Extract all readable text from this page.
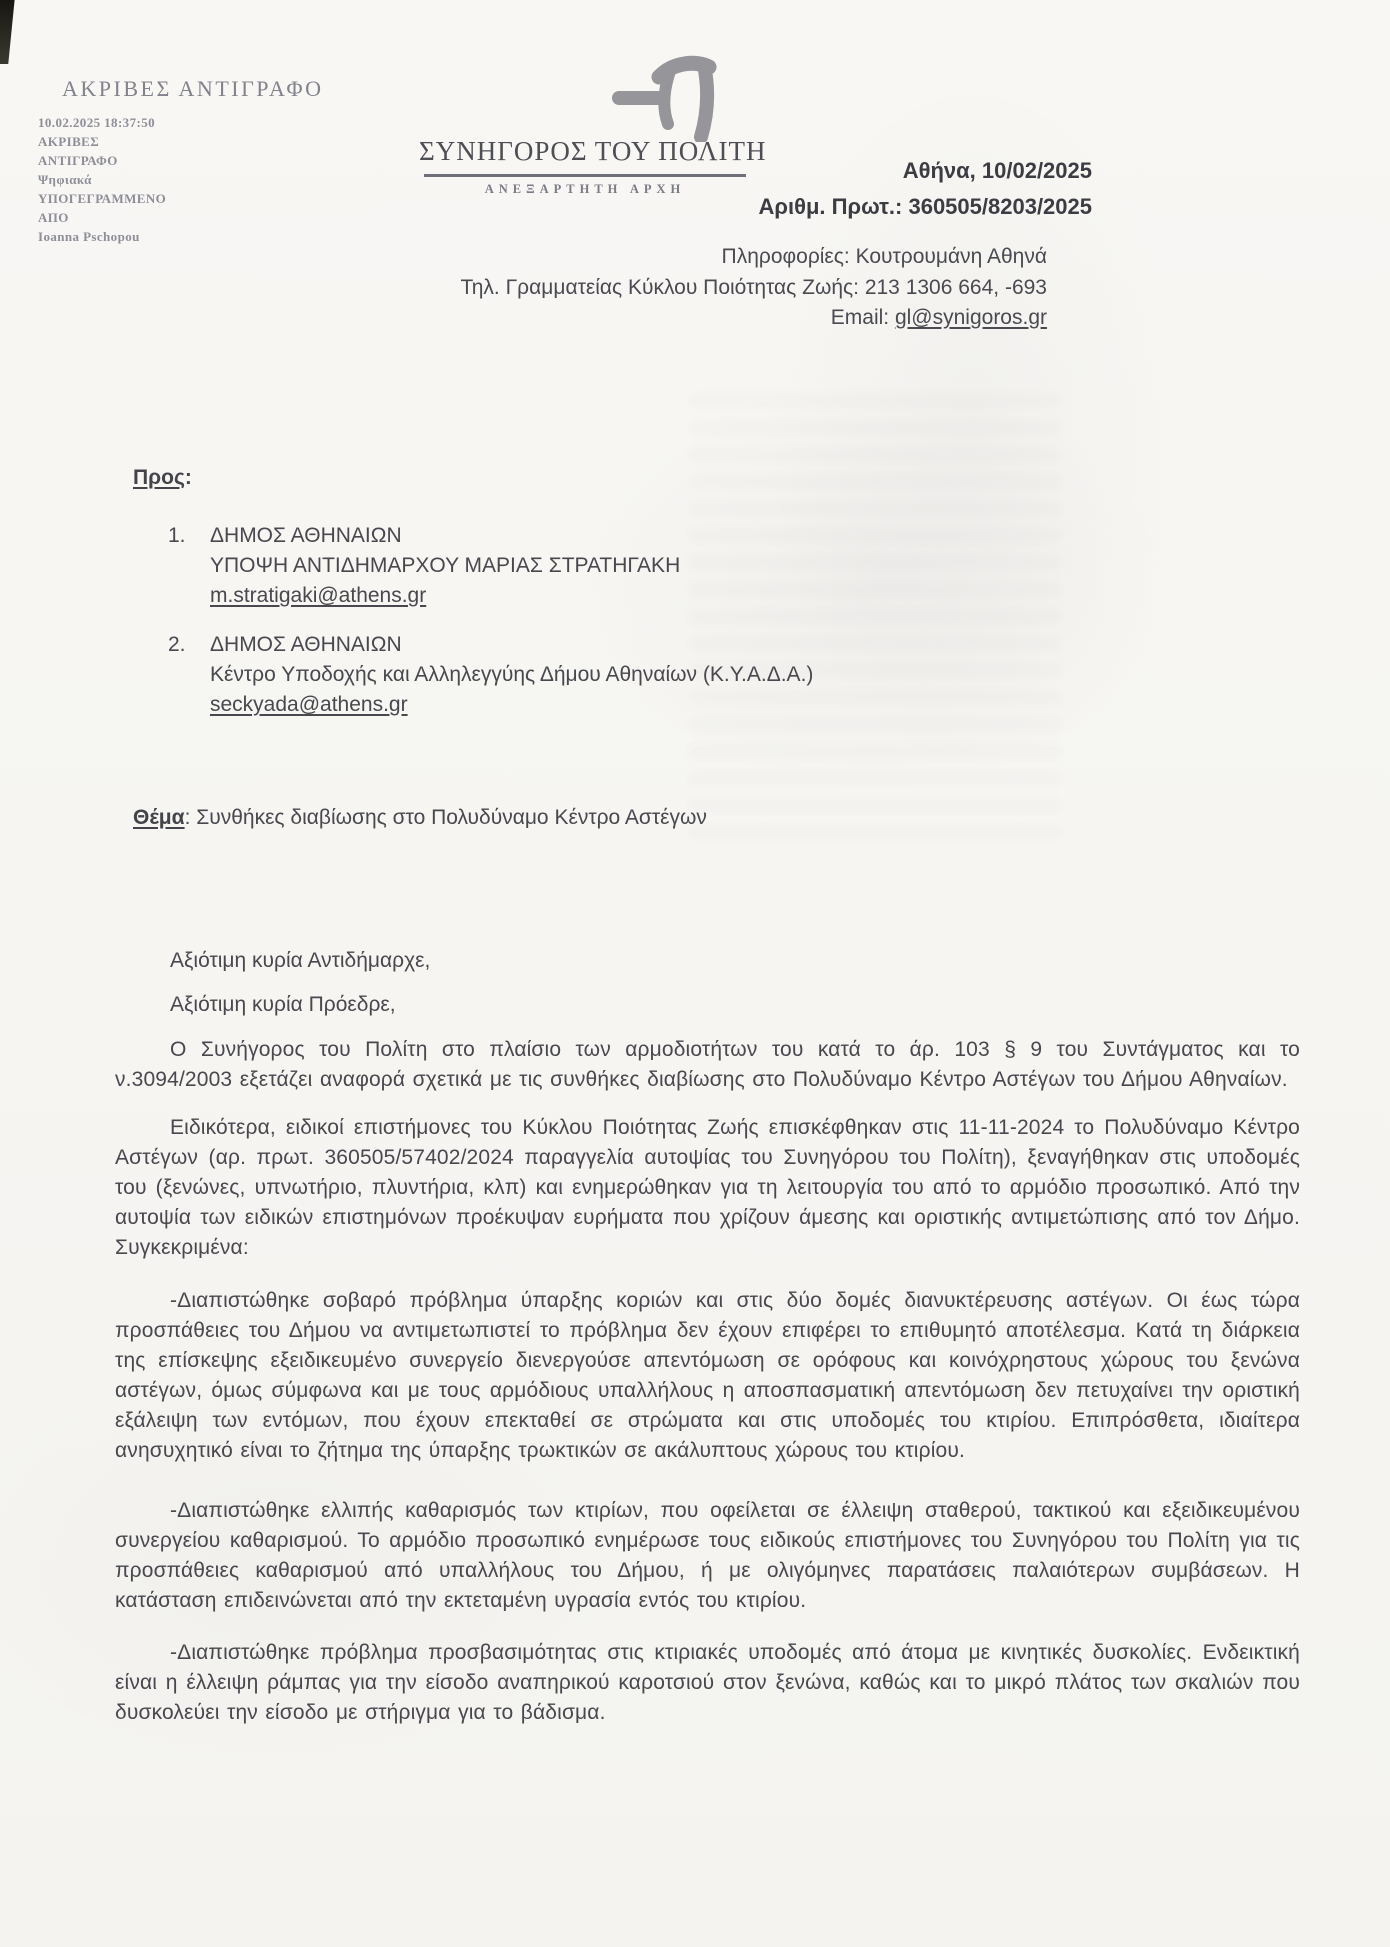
ΑΚΡΙΒΕΣ ΑΝΤΙΓΡΑΦΟ
10.02.2025 18:37:50
ΑΚΡΙΒΕΣ
ΑΝΤΙΓΡΑΦΟ
Ψηφιακά
ΥΠΟΓΕΓΡΑΜΜΕΝΟ
ΑΠΟ
Ioanna Pschopou
ΣΥΝΗΓΟΡΟΣ ΤΟΥ ΠΟΛΙΤΗ
ΑΝΕΞΑΡΤΗΤΗ ΑΡΧΗ
Αθήνα, 10/02/2025
Αριθμ. Πρωτ.: 360505/8203/2025
Πληροφορίες: Κουτρουμάνη Αθηνά
Τηλ. Γραμματείας Κύκλου Ποιότητας Ζωής: 213 1306 664, -693
Email: gl@synigoros.gr
Προς:
1.	ΔΗΜΟΣ ΑΘΗΝΑΙΩΝ
ΥΠΟΨΗ ΑΝΤΙΔΗΜΑΡΧΟΥ ΜΑΡΙΑΣ ΣΤΡΑΤΗΓΑΚΗ
m.stratigaki@athens.gr
2.	ΔΗΜΟΣ ΑΘΗΝΑΙΩΝ
Κέντρο Υποδοχής και Αλληλεγγύης Δήμου Αθηναίων (Κ.Υ.Α.Δ.Α.)
seckyada@athens.gr
Θέμα: Συνθήκες διαβίωσης στο Πολυδύναμο Κέντρο Αστέγων

Αξιότιμη κυρία Αντιδήμαρχε,

Αξιότιμη κυρία Πρόεδρε,

Ο Συνήγορος του Πολίτη στο πλαίσιο των αρμοδιοτήτων του κατά το άρ. 103 § 9 του Συντάγματος και το ν.3094/2003 εξετάζει αναφορά σχετικά με τις συνθήκες διαβίωσης στο Πολυδύναμο Κέντρο Αστέγων του Δήμου Αθηναίων.

Ειδικότερα, ειδικοί επιστήμονες του Κύκλου Ποιότητας Ζωής επισκέφθηκαν στις 11-11-2024 το Πολυδύναμο Κέντρο Αστέγων (αρ. πρωτ. 360505/57402/2024 παραγγελία αυτοψίας του Συνηγόρου του Πολίτη), ξεναγήθηκαν στις υποδομές του (ξενώνες, υπνωτήριο, πλυντήρια, κλπ) και ενημερώθηκαν για τη λειτουργία του από το αρμόδιο προσωπικό. Από την αυτοψία των ειδικών επιστημόνων προέκυψαν ευρήματα που χρίζουν άμεσης και οριστικής αντιμετώπισης από τον Δήμο. Συγκεκριμένα:

-Διαπιστώθηκε σοβαρό πρόβλημα ύπαρξης κοριών και στις δύο δομές διανυκτέρευσης αστέγων. Οι έως τώρα προσπάθειες του Δήμου να αντιμετωπιστεί το πρόβλημα δεν έχουν επιφέρει το επιθυμητό αποτέλεσμα. Κατά τη διάρκεια της επίσκεψης εξειδικευμένο συνεργείο διενεργούσε απεντόμωση σε ορόφους και κοινόχρηστους χώρους του ξενώνα αστέγων, όμως σύμφωνα και με τους αρμόδιους υπαλλήλους η αποσπασματική απεντόμωση δεν πετυχαίνει την οριστική εξάλειψη των εντόμων, που έχουν επεκταθεί σε στρώματα και στις υποδομές του κτιρίου. Επιπρόσθετα, ιδιαίτερα ανησυχητικό είναι το ζήτημα της ύπαρξης τρωκτικών σε ακάλυπτους χώρους του κτιρίου.

-Διαπιστώθηκε ελλιπής καθαρισμός των κτιρίων, που οφείλεται σε έλλειψη σταθερού, τακτικού και εξειδικευμένου συνεργείου καθαρισμού. Το αρμόδιο προσωπικό ενημέρωσε τους ειδικούς επιστήμονες του Συνηγόρου του Πολίτη για τις προσπάθειες καθαρισμού από υπαλλήλους του Δήμου, ή με ολιγόμηνες παρατάσεις παλαιότερων συμβάσεων. Η κατάσταση επιδεινώνεται από την εκτεταμένη υγρασία εντός του κτιρίου.

-Διαπιστώθηκε πρόβλημα προσβασιμότητας στις κτιριακές υποδομές από άτομα με κινητικές δυσκολίες. Ενδεικτική είναι η έλλειψη ράμπας για την είσοδο αναπηρικού καροτσιού στον ξενώνα, καθώς και το μικρό πλάτος των σκαλιών που δυσκολεύει την είσοδο με στήριγμα για το βάδισμα.
